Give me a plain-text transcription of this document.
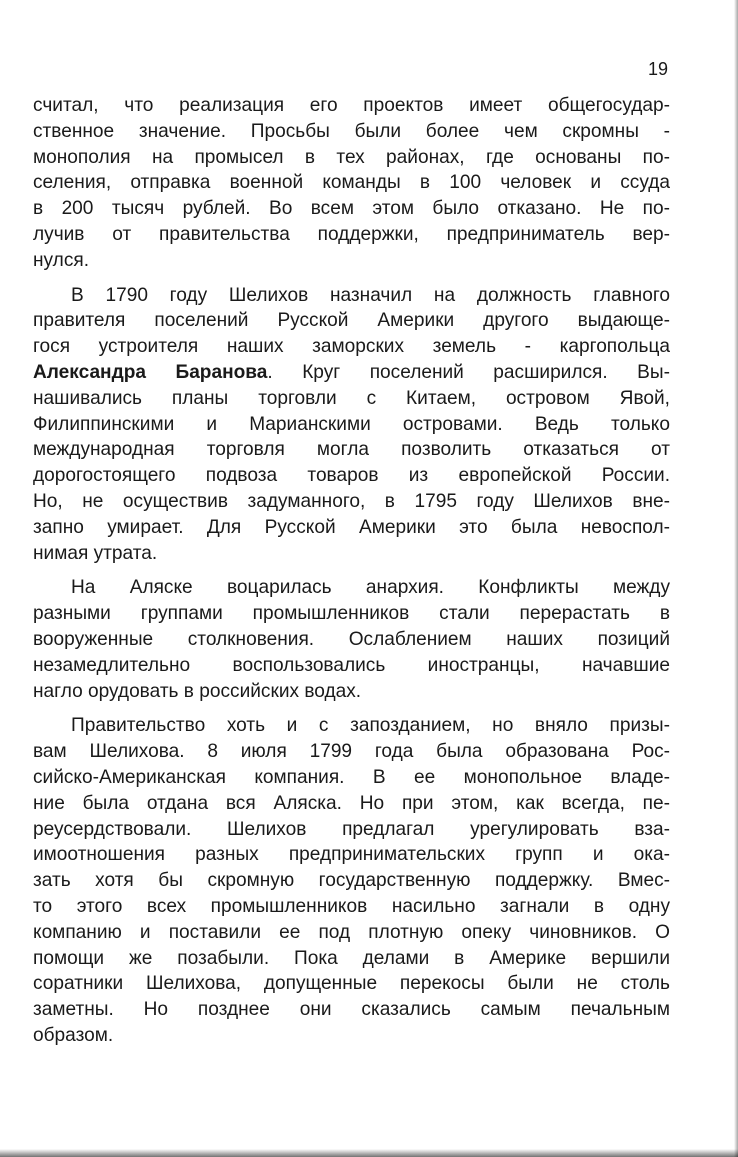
19

считал, что реализация его проектов имеет общегосудар-
ственное значение. Просьбы были более чем скромны -
монополия на промысел в тех районах, где основаны по-
селения, отправка военной команды в 100 человек и ссуда
в 200 тысяч рублей. Во всем этом было отказано. Не по-
лучив от правительства поддержки, предприниматель вер-
нулся.

В 1790 году Шелихов назначил на должность главного
правителя поселений Русской Америки другого выдающе-
гося устроителя наших заморских земель - каргопольца
Александра Баранова. Круг поселений расширился. Вы-
нашивались планы торговли с Китаем, островом Явой,
Филиппинскими и Марианскими островами. Ведь только
международная торговля могла позволить отказаться от
дорогостоящего подвоза товаров из европейской России.
Но, не осуществив задуманного, в 1795 году Шелихов вне-
запно умирает. Для Русской Америки это была невоспол-
нимая утрата.

На Аляске воцарилась анархия. Конфликты между
разными группами промышленников стали перерастать в
вооруженные столкновения. Ослаблением наших позиций
незамедлительно воспользовались иностранцы, начавшие
нагло орудовать в российских водах.

Правительство хоть и с запозданием, но вняло призы-
вам Шелихова. 8 июля 1799 года была образована Рос-
сийско-Американская компания. В ее монопольное владе-
ние была отдана вся Аляска. Но при этом, как всегда, пе-
реусердствовали. Шелихов предлагал урегулировать вза-
имоотношения разных предпринимательских групп и ока-
зать хотя бы скромную государственную поддержку. Вмес-
то этого всех промышленников насильно загнали в одну
компанию и поставили ее под плотную опеку чиновников. О
помощи же позабыли. Пока делами в Америке вершили
соратники Шелихова, допущенные перекосы были не столь
заметны. Но позднее они сказались самым печальным
образом.
